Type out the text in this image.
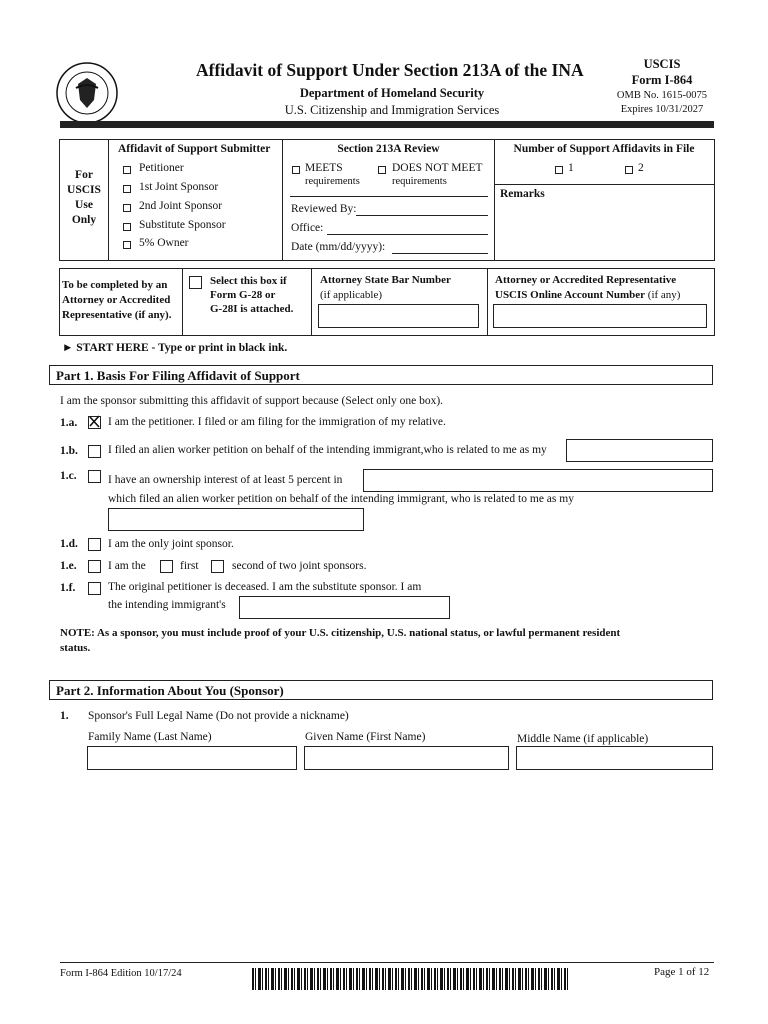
Affidavit of Support Under Section 213A of the INA
Department of Homeland Security
U.S. Citizenship and Immigration Services
USCIS
Form I-864
OMB No. 1615-0075
Expires 10/31/2027
For
USCIS
Use
Only
Affidavit of Support Submitter
Petitioner
1st Joint Sponsor
2nd Joint Sponsor
Substitute Sponsor
5% Owner
Section 213A Review
MEETS
requirements
DOES NOT MEET
requirements
Reviewed By:
Office:
Date (mm/dd/yyyy):
Number of Support Affidavits in File
1	2
Remarks
To be completed by an
Attorney or Accredited
Representative (if any).
Select this box if
Form G-28 or
G-28I is attached.
Attorney State Bar Number
(if applicable)
Attorney or Accredited Representative
USCIS Online Account Number (if any)
► START HERE - Type or print in black ink.
Part 1. Basis For Filing Affidavit of Support
I am the sponsor submitting this affidavit of support because (Select only one box).
1.a.	I am the petitioner. I filed or am filing for the immigration of my relative.
1.b.	I filed an alien worker petition on behalf of the intending immigrant,who is related to me as my
1.c.	I have an ownership interest of at least 5 percent in
which filed an alien worker petition on behalf of the intending immigrant, who is related to me as my
1.d.	I am the only joint sponsor.
1.e.	I am the	first	second of two joint sponsors.
1.f.	The original petitioner is deceased. I am the substitute sponsor. I am
the intending immigrant's
NOTE: As a sponsor, you must include proof of your U.S. citizenship, U.S. national status, or lawful permanent resident
status.
Part 2. Information About You (Sponsor)
1. Sponsor's Full Legal Name (Do not provide a nickname)
Family Name (Last Name)	Given Name (First Name)	Middle Name (if applicable)
Form I-864 Edition 10/17/24	Page 1 of 12
